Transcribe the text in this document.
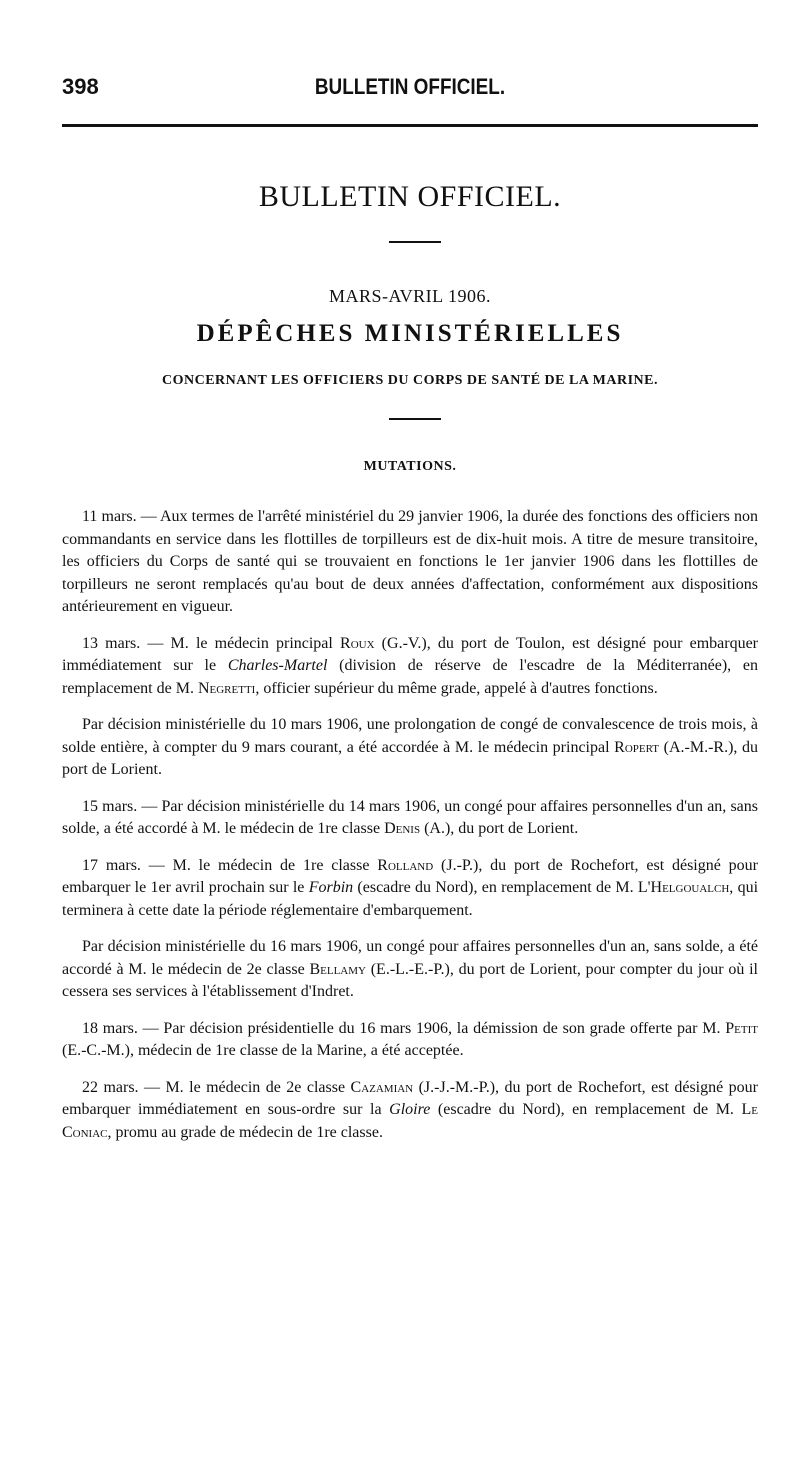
398	BULLETIN OFFICIEL.
BULLETIN OFFICIEL.
MARS-AVRIL 1906.
DÉPÊCHES MINISTÉRIELLES
CONCERNANT LES OFFICIERS DU CORPS DE SANTÉ DE LA MARINE.
MUTATIONS.

11 mars. — Aux termes de l'arrêté ministériel du 29 janvier 1906, la durée des fonctions des officiers non commandants en service dans les flottilles de torpilleurs est de dix-huit mois. A titre de mesure transitoire, les officiers du Corps de santé qui se trouvaient en fonctions le 1er janvier 1906 dans les flottilles de torpilleurs ne seront remplacés qu'au bout de deux années d'affectation, conformément aux dispositions antérieurement en vigueur.

13 mars. — M. le médecin principal Roux (G.-V.), du port de Toulon, est désigné pour embarquer immédiatement sur le Charles-Martel (division de réserve de l'escadre de la Méditerranée), en remplacement de M. Negretti, officier supérieur du même grade, appelé à d'autres fonctions.

Par décision ministérielle du 10 mars 1906, une prolongation de congé de convalescence de trois mois, à solde entière, à compter du 9 mars courant, a été accordée à M. le médecin principal Ropert (A.-M.-R.), du port de Lorient.

15 mars. — Par décision ministérielle du 14 mars 1906, un congé pour affaires personnelles d'un an, sans solde, a été accordé à M. le médecin de 1re classe Denis (A.), du port de Lorient.

17 mars. — M. le médecin de 1re classe Rolland (J.-P.), du port de Rochefort, est désigné pour embarquer le 1er avril prochain sur le Forbin (escadre du Nord), en remplacement de M. L'Helgoualch, qui terminera à cette date la période réglementaire d'embarquement.

Par décision ministérielle du 16 mars 1906, un congé pour affaires personnelles d'un an, sans solde, a été accordé à M. le médecin de 2e classe Bellamy (E.-L.-E.-P.), du port de Lorient, pour compter du jour où il cessera ses services à l'établissement d'Indret.

18 mars. — Par décision présidentielle du 16 mars 1906, la démission de son grade offerte par M. Petit (E.-C.-M.), médecin de 1re classe de la Marine, a été acceptée.

22 mars. — M. le médecin de 2e classe Cazamian (J.-J.-M.-P.), du port de Rochefort, est désigné pour embarquer immédiatement en sous-ordre sur la Gloire (escadre du Nord), en remplacement de M. Le Coniac, promu au grade de médecin de 1re classe.
